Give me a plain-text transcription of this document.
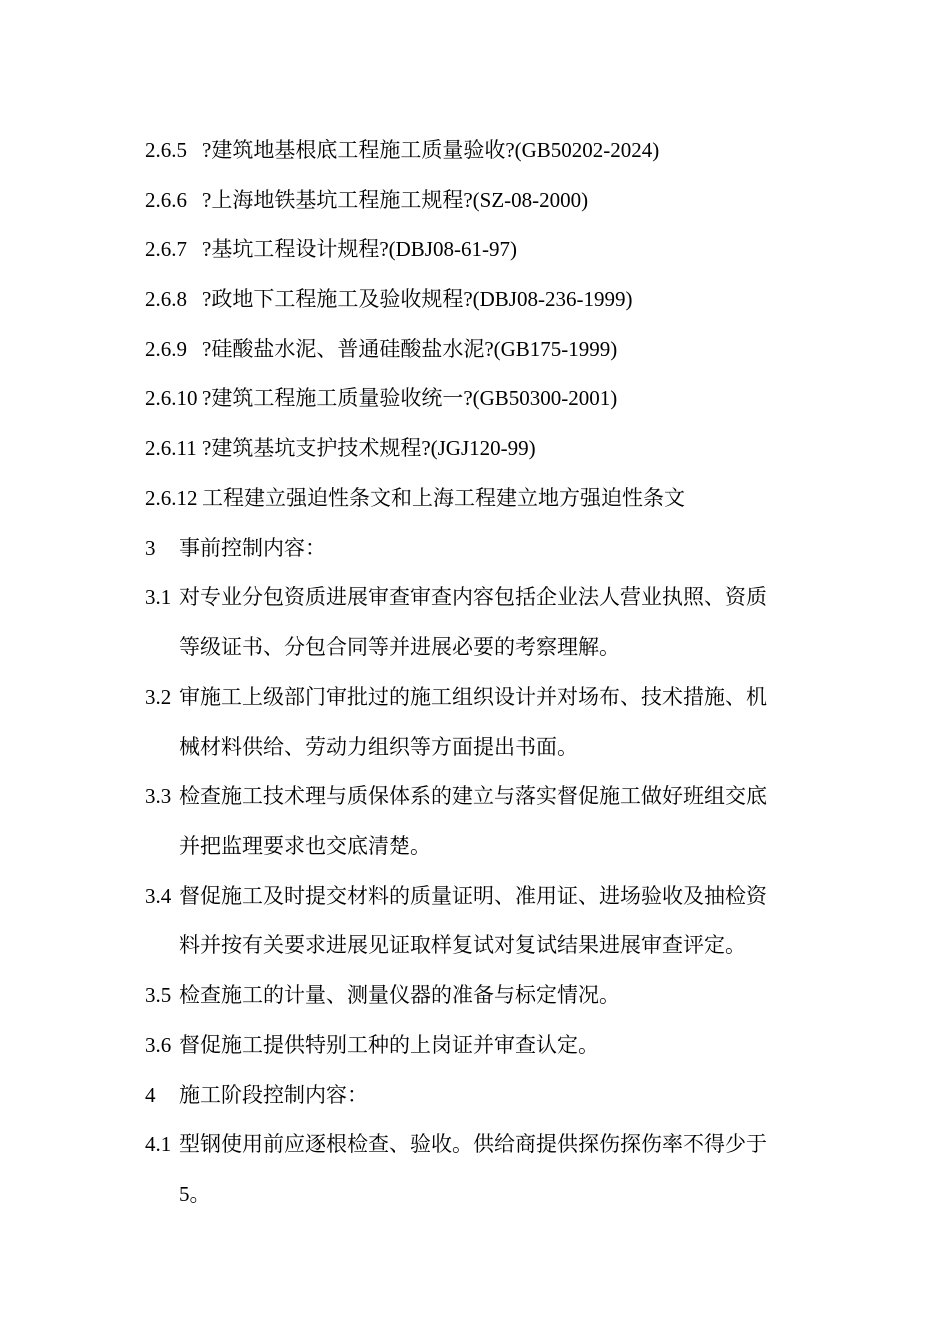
2.6.5 ?建筑地基根底工程施工质量验收?(GB50202-2024)
2.6.6 ?上海地铁基坑工程施工规程?(SZ-08-2000)
2.6.7 ?基坑工程设计规程?(DBJ08-61-97)
2.6.8 ?政地下工程施工及验收规程?(DBJ08-236-1999)
2.6.9 ?硅酸盐水泥、普通硅酸盐水泥?(GB175-1999)
2.6.10 ?建筑工程施工质量验收统一?(GB50300-2001)
2.6.11 ?建筑基坑支护技术规程?(JGJ120-99)
2.6.12 工程建立强迫性条文和上海工程建立地方强迫性条文
3 事前控制内容：
3.1 对专业分包资质进展审查审查内容包括企业法人营业执照、资质
等级证书、分包合同等并进展必要的考察理解。
3.2 审施工上级部门审批过的施工组织设计并对场布、技术措施、机
械材料供给、劳动力组织等方面提出书面。
3.3 检查施工技术理与质保体系的建立与落实督促施工做好班组交底
并把监理要求也交底清楚。
3.4 督促施工及时提交材料的质量证明、准用证、进场验收及抽检资
料并按有关要求进展见证取样复试对复试结果进展审查评定。
3.5 检查施工的计量、测量仪器的准备与标定情况。
3.6 督促施工提供特别工种的上岗证并审查认定。
4 施工阶段控制内容：
4.1 型钢使用前应逐根检查、验收。供给商提供探伤探伤率不得少于
5。
